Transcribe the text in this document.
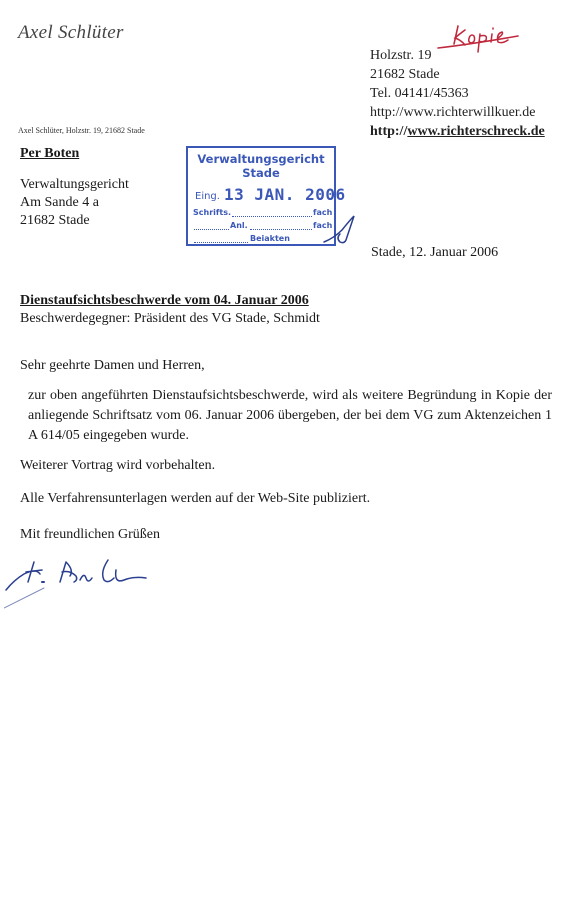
Axel Schlüter
Kopie
Holzstr. 19
21682 Stade
Tel. 04141/45363
http://www.richterwillkuer.de
http://www.richterschreck.de
Axel Schlüter, Holzstr. 19, 21682 Stade
Per Boten
Verwaltungsgericht
Am Sande 4 a
21682 Stade
Verwaltungsgericht
Stade
Eing. 13 JAN. 2006
Schrifts.	fach
Anl.	fach
Beiakten
Stade, 12. Januar 2006
Dienstaufsichtsbeschwerde vom 04. Januar 2006
Beschwerdegegner: Präsident des VG Stade, Schmidt
Sehr geehrte Damen und Herren,
zur oben angeführten Dienstaufsichtsbeschwerde, wird als weitere Begründung in Kopie der anliegende Schriftsatz vom 06. Januar 2006 übergeben, der bei dem VG zum Aktenzeichen 1 A 614/05 eingegeben wurde.
Weiterer Vortrag wird vorbehalten.
Alle Verfahrensunterlagen werden auf der Web-Site publiziert.
Mit freundlichen Grüßen
